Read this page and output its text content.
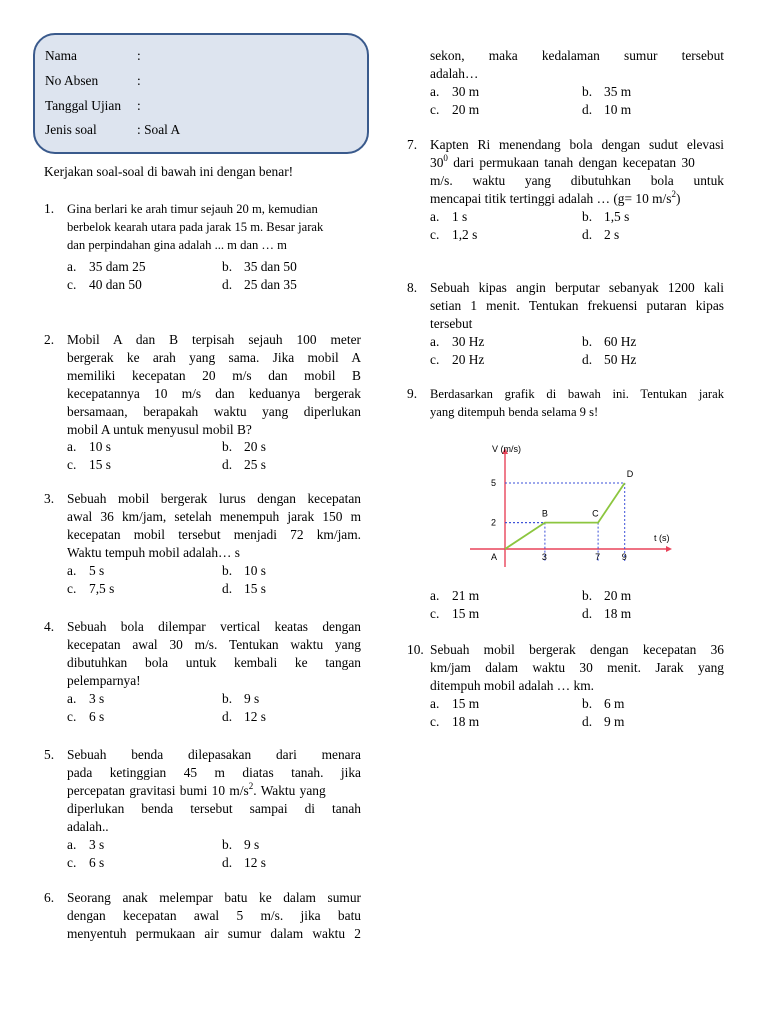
Nama	:
No Absen	:
Tanggal Ujian :
Jenis soal	: Soal A
Kerjakan soal-soal di bawah ini dengan benar!
1. Gina berlari ke arah timur sejauh 20 m, kemudian
berbelok kearah utara pada jarak 15 m. Besar jarak
dan perpindahan gina adalah ... m dan … m
a. 35 dam 25	b. 35 dan 50
c. 40 dan 50	d. 25 dan 35
2. Mobil A dan B terpisah sejauh 100 meter
bergerak ke arah yang sama. Jika mobil A
memiliki kecepatan 20 m/s dan mobil B
kecepatannya 10 m/s dan keduanya bergerak
bersamaan, berapakah waktu yang diperlukan
mobil A untuk menyusul mobil B?
a. 10 s	b. 20 s
c. 15 s	d. 25 s
3. Sebuah mobil bergerak lurus dengan kecepatan
awal 36 km/jam, setelah menempuh jarak 150 m
kecepatan mobil tersebut menjadi 72 km/jam.
Waktu tempuh mobil adalah… s
a. 5 s	b. 10 s
c. 7,5 s	d. 15 s
4. Sebuah bola dilempar vertical keatas dengan
kecepatan awal 30 m/s. Tentukan waktu yang
dibutuhkan bola untuk kembali ke tangan
pelemparnya!
a. 3 s	b. 9 s
c. 6 s	d. 12 s
5. Sebuah benda dilepasakan dari menara
pada ketinggian 45 m diatas tanah. jika
percepatan gravitasi bumi 10 $m/s^2$. Waktu yang
diperlukan benda tersebut sampai di tanah
adalah..
a. 3 s	b. 9 s
c. 6 s	d. 12 s
6. Seorang anak melempar batu ke dalam sumur
dengan kecepatan awal 5 m/s. jika batu
menyentuh permukaan air sumur dalam waktu 2
sekon, maka kedalaman sumur tersebut
adalah…
a. 30 m	b. 35 m
c. 20 m	d. 10 m
7. Kapten Ri menendang bola dengan sudut elevasi
$30^0$ dari permukaan tanah dengan kecepatan 30
m/s. waktu yang dibutuhkan bola untuk
mencapai titik tertinggi adalah … (g= 10 $m/s^2$)
a. 1 s	b. 1,5 s
c. 1,2 s	d. 2 s
8. Sebuah kipas angin berputar sebanyak 1200 kali
setian 1 menit. Tentukan frekuensi putaran kipas
tersebut
a. 30 Hz	b. 60 Hz
c. 20 Hz	d. 50 Hz
9. Berdasarkan grafik di bawah ini. Tentukan jarak
yang ditempuh benda selama 9 s!
a. 21 m	b. 20 m
c. 15 m	d. 18 m
10. Sebuah mobil bergerak dengan kecepatan 36
km/jam dalam waktu 30 menit. Jarak yang
ditempuh mobil adalah … km.
a. 15 m	b. 6 m
c. 18 m	d. 9 m
A
B	C
D
3	7 9
2
5
V (m/s)
t (s)
